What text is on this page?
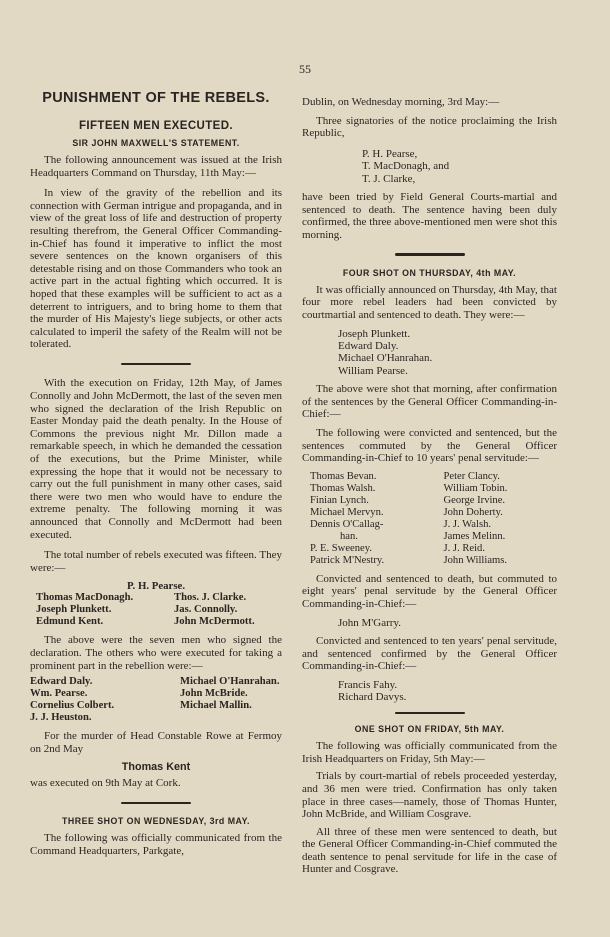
55
PUNISHMENT OF THE REBELS.
FIFTEEN MEN EXECUTED.
SIR JOHN MAXWELL'S STATEMENT.

The following announcement was issued at the Irish Headquarters Command on Thursday, 11th May:—

In view of the gravity of the rebellion and its connection with German intrigue and propaganda, and in view of the great loss of life and destruction of property resulting therefrom, the General Officer Commanding-in-Chief has found it imperative to inflict the most severe sentences on the known organisers of this detestable rising and on those Commanders who took an active part in the actual fighting which occurred. It is hoped that these examples will be sufficient to act as a deterrent to intriguers, and to bring home to them that the murder of His Majesty's liege subjects, or other acts calculated to imperil the safety of the Realm will not be tolerated.

With the execution on Friday, 12th May, of James Connolly and John McDermott, the last of the seven men who signed the declaration of the Irish Republic on Easter Monday paid the death penalty. In the House of Commons the previous night Mr. Dillon made a remarkable speech, in which he demanded the cessation of the executions, but the Prime Minister, while expressing the hope that it would not be necessary to carry out the full punishment in many other cases, said there were two men who would have to endure the extreme penalty. The following morning it was announced that Connolly and McDermott had been executed.

The total number of rebels executed was fifteen. They were:—

P. H. Pearse.
Thomas MacDonagh.
Joseph Plunkett.
Edmund Kent.
Thos. J. Clarke.
Jas. Connolly.
John McDermott.

The above were the seven men who signed the declaration. The others who were executed for taking a prominent part in the rebellion were:—

Edward Daly.
Wm. Pearse.
Cornelius Colbert.
J. J. Heuston.
Michael O'Hanrahan.
John McBride.
Michael Mallin.

For the murder of Head Constable Rowe at Fermoy on 2nd May

Thomas Kent

was executed on 9th May at Cork.

THREE SHOT ON WEDNESDAY, 3rd MAY.

The following was officially communicated from the Command Headquarters, Parkgate,

Dublin, on Wednesday morning, 3rd May:—

Three signatories of the notice proclaiming the Irish Republic,

P. H. Pearse,
T. MacDonagh, and
T. J. Clarke,

have been tried by Field General Courts-martial and sentenced to death. The sentence having been duly confirmed, the three above-mentioned men were shot this morning.

FOUR SHOT ON THURSDAY, 4th MAY.

It was officially announced on Thursday, 4th May, that four more rebel leaders had been convicted by courtmartial and sentenced to death. They were:—

Joseph Plunkett.
Edward Daly.
Michael O'Hanrahan.
William Pearse.

The above were shot that morning, after confirmation of the sentences by the General Officer Commanding-in-Chief:—

The following were convicted and sentenced, but the sentences commuted by the General Officer Commanding-in-Chief to 10 years' penal servitude:—

Thomas Bevan.
Thomas Walsh.
Finian Lynch.
Michael Mervyn.
Dennis O'Callag-
han.
P. E. Sweeney.
Patrick M'Nestry.
Peter Clancy.
William Tobin.
George Irvine.
John Doherty.
J. J. Walsh.
James Melinn.
J. J. Reid.
John Williams.

Convicted and sentenced to death, but commuted to eight years' penal servitude by the General Officer Commanding-in-Chief:—

John M'Garry.

Convicted and sentenced to ten years' penal servitude, and sentenced confirmed by the General Officer Commanding-in-Chief:—

Francis Fahy.
Richard Davys.
ONE SHOT ON FRIDAY, 5th MAY.

The following was officially communicated from the Irish Headquarters on Friday, 5th May:—

Trials by court-martial of rebels proceeded yesterday, and 36 men were tried. Confirmation has only taken place in three cases—namely, those of Thomas Hunter, John McBride, and William Cosgrave.

All three of these men were sentenced to death, but the General Officer Commanding-in-Chief commuted the death sentence to penal servitude for life in the case of Hunter and Cosgrave.
